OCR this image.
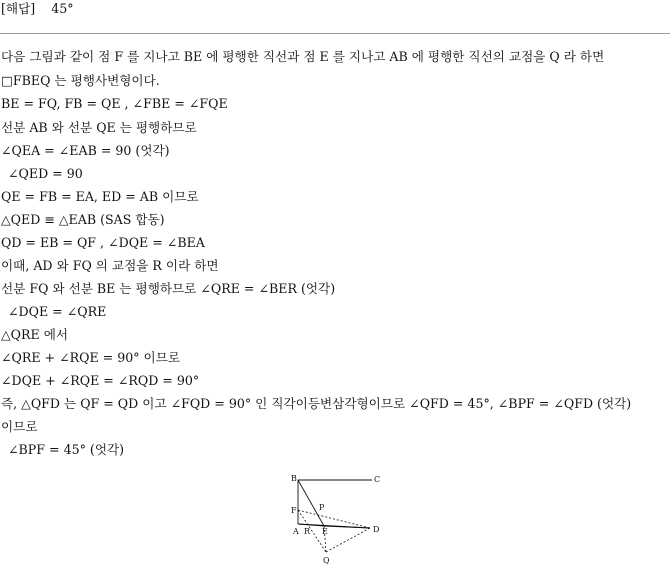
[해답] 45°
다음 그림과 같이 점 F 를 지나고 BE 에 평행한 직선과 점 E 를 지나고 AB 에 평행한 직선의 교점을 Q 라 하면
□FBEQ 는 평행사변형이다.
BE = FQ, FB = QE , ∠FBE = ∠FQE
선분 AB 와 선분 QE 는 평행하므로
∠QEA = ∠EAB = 90 (엇각)
∠QED = 90
QE = FB = EA, ED = AB 이므로
△QED ≡ △EAB (SAS 합동)
QD = EB = QF , ∠DQE = ∠BEA
이때, AD 와 FQ 의 교점을 R 이라 하면
선분 FQ 와 선분 BE 는 평행하므로 ∠QRE = ∠BER (엇각)
∠DQE = ∠QRE
△QRE 에서
∠QRE + ∠RQE = 90° 이므로
∠DQE + ∠RQE = ∠RQD = 90°
즉, △QFD 는 QF = QD 이고 ∠FQD = 90° 인 직각이등변삼각형이므로 ∠QFD = 45°, ∠BPF = ∠QFD (엇각)
이므로
∠BPF = 45° (엇각)
B	C
F	P
A R E	D
Q
